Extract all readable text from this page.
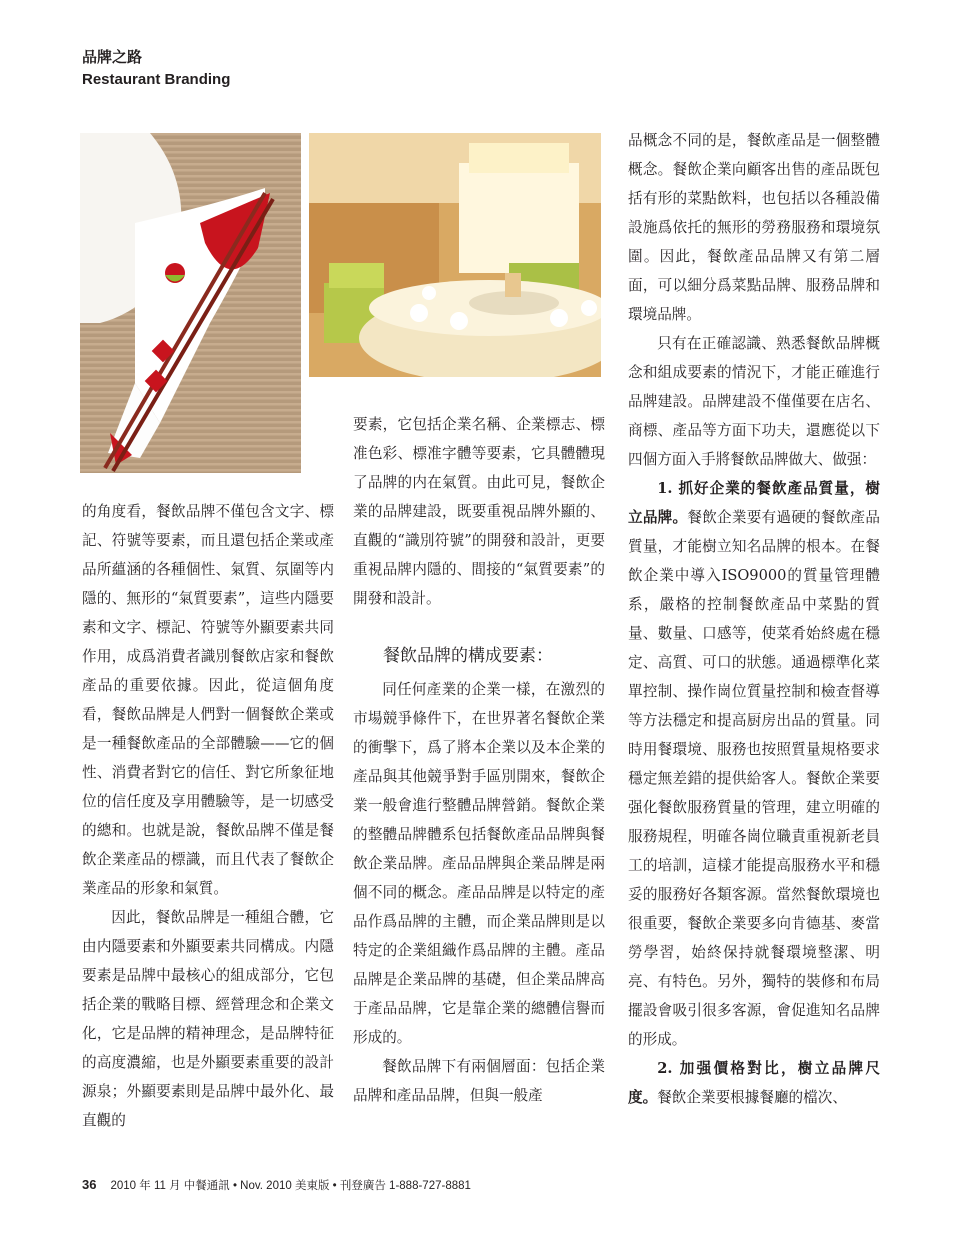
品牌之路
Restaurant Branding

的角度看，餐飲品牌不僅包含文字、標記、符號等要素，而且還包括企業或產品所蘊涵的各種個性、氣質、氛圍等内隱的、無形的“氣質要素”，這些内隱要素和文字、標記、符號等外顯要素共同作用，成爲消費者識別餐飲店家和餐飲產品的重要依據。因此，從這個角度看，餐飲品牌是人們對一個餐飲企業或是一種餐飲產品的全部體驗——它的個性、消費者對它的信任、對它所象征地位的信任度及享用體驗等，是一切感受的總和。也就是說，餐飲品牌不僅是餐飲企業產品的標識，而且代表了餐飲企業產品的形象和氣質。

因此，餐飲品牌是一種組合體，它由内隱要素和外顯要素共同構成。内隱要素是品牌中最核心的組成部分，它包括企業的戰略目標、經營理念和企業文化，它是品牌的精神理念，是品牌特征的高度濃縮，也是外顯要素重要的設計源泉；外顯要素則是品牌中最外化、最直觀的

要素，它包括企業名稱、企業標志、標准色彩、標准字體等要素，它具體體現了品牌的内在氣質。由此可見，餐飲企業的品牌建設，既要重視品牌外顯的、直觀的“識別符號”的開發和設計，更要重視品牌内隱的、間接的“氣質要素”的開發和設計。

餐飲品牌的構成要素：

同任何產業的企業一樣，在激烈的市場競爭條件下，在世界著名餐飲企業的衝擊下，爲了將本企業以及本企業的產品與其他競爭對手區別開來，餐飲企業一般會進行整體品牌營銷。餐飲企業的整體品牌體系包括餐飲產品品牌與餐飲企業品牌。產品品牌與企業品牌是兩個不同的概念。產品品牌是以特定的產品作爲品牌的主體，而企業品牌則是以特定的企業組織作爲品牌的主體。產品品牌是企業品牌的基礎，但企業品牌高于產品品牌，它是靠企業的總體信譽而形成的。

餐飲品牌下有兩個層面：包括企業品牌和產品品牌，但與一般產

品概念不同的是，餐飲產品是一個整體概念。餐飲企業向顧客出售的產品既包括有形的菜點飲料，也包括以各種設備設施爲依托的無形的勞務服務和環境氛圍。因此，餐飲產品品牌又有第二層面，可以細分爲菜點品牌、服務品牌和環境品牌。

只有在正確認識、熟悉餐飲品牌概念和組成要素的情況下，才能正確進行品牌建設。品牌建設不僅僅要在店名、商標、產品等方面下功夫，還應從以下四個方面入手將餐飲品牌做大、做强：

1. 抓好企業的餐飲產品質量，樹立品牌。餐飲企業要有過硬的餐飲產品質量，才能樹立知名品牌的根本。在餐飲企業中導入ISO9000的質量管理體系，嚴格的控制餐飲產品中菜點的質量、數量、口感等，使菜肴始終處在穩定、高質、可口的狀態。通過標準化菜單控制、操作崗位質量控制和檢查督導等方法穩定和提高厨房出品的質量。同時用餐環境、服務也按照質量規格要求穩定無差錯的提供給客人。餐飲企業要强化餐飲服務質量的管理，建立明確的服務規程，明確各崗位職責重視新老員工的培訓，這樣才能提高服務水平和穩妥的服務好各類客源。當然餐飲環境也很重要，餐飲企業要多向肯德基、麥當勞學習，始終保持就餐環境整潔、明亮、有特色。另外，獨特的裝修和布局擺設會吸引很多客源，會促進知名品牌的形成。

2. 加强價格對比，樹立品牌尺度。餐飲企業要根據餐廳的檔次、

36 2010 年 11 月 中餐通訊 • Nov. 2010 美東版 • 刊登廣告 1-888-727-8881
